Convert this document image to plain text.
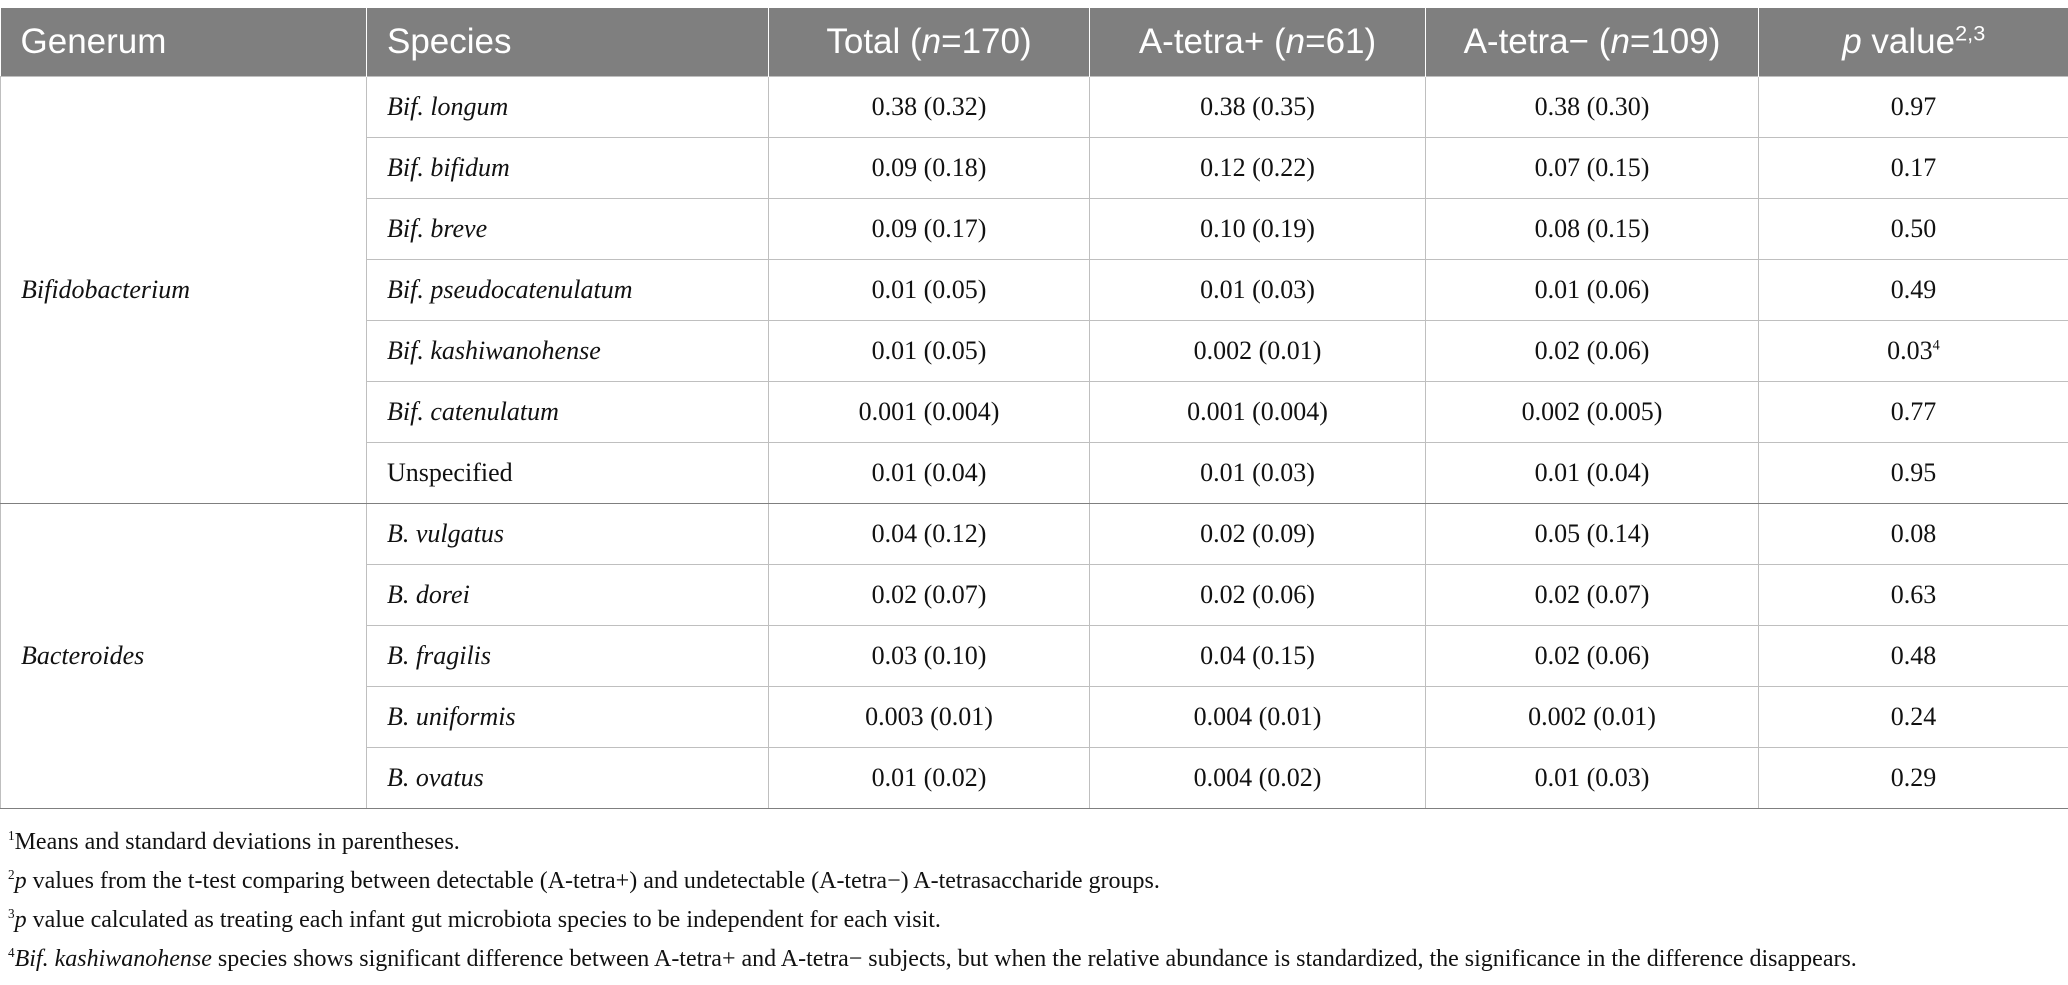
Generum	Species	Total (n=170)	A-tetra+ (n=61)	A-tetra− (n=109)	p value$^{2,3}$
Bifidobacterium	Bif. longum	0.38 (0.32)	0.38 (0.35)	0.38 (0.30)	0.97
	Bif. bifidum	0.09 (0.18)	0.12 (0.22)	0.07 (0.15)	0.17
	Bif. breve	0.09 (0.17)	0.10 (0.19)	0.08 (0.15)	0.50
	Bif. pseudocatenulatum	0.01 (0.05)	0.01 (0.03)	0.01 (0.06)	0.49
	Bif. kashiwanohense	0.01 (0.05)	0.002 (0.01)	0.02 (0.06)	0.03$^4$
	Bif. catenulatum	0.001 (0.004)	0.001 (0.004)	0.002 (0.005)	0.77
	Unspecified	0.01 (0.04)	0.01 (0.03)	0.01 (0.04)	0.95
Bacteroides	B. vulgatus	0.04 (0.12)	0.02 (0.09)	0.05 (0.14)	0.08
	B. dorei	0.02 (0.07)	0.02 (0.06)	0.02 (0.07)	0.63
	B. fragilis	0.03 (0.10)	0.04 (0.15)	0.02 (0.06)	0.48
	B. uniformis	0.003 (0.01)	0.004 (0.01)	0.002 (0.01)	0.24
	B. ovatus	0.01 (0.02)	0.004 (0.02)	0.01 (0.03)	0.29
$^1$Means and standard deviations in parentheses.
$^2$p values from the t-test comparing between detectable (A-tetra+) and undetectable (A-tetra−) A-tetrasaccharide groups.
$^3$p value calculated as treating each infant gut microbiota species to be independent for each visit.
$^4$Bif. kashiwanohense species shows significant difference between A-tetra+ and A-tetra− subjects, but when the relative abundance is standardized, the significance in the difference disappears.
